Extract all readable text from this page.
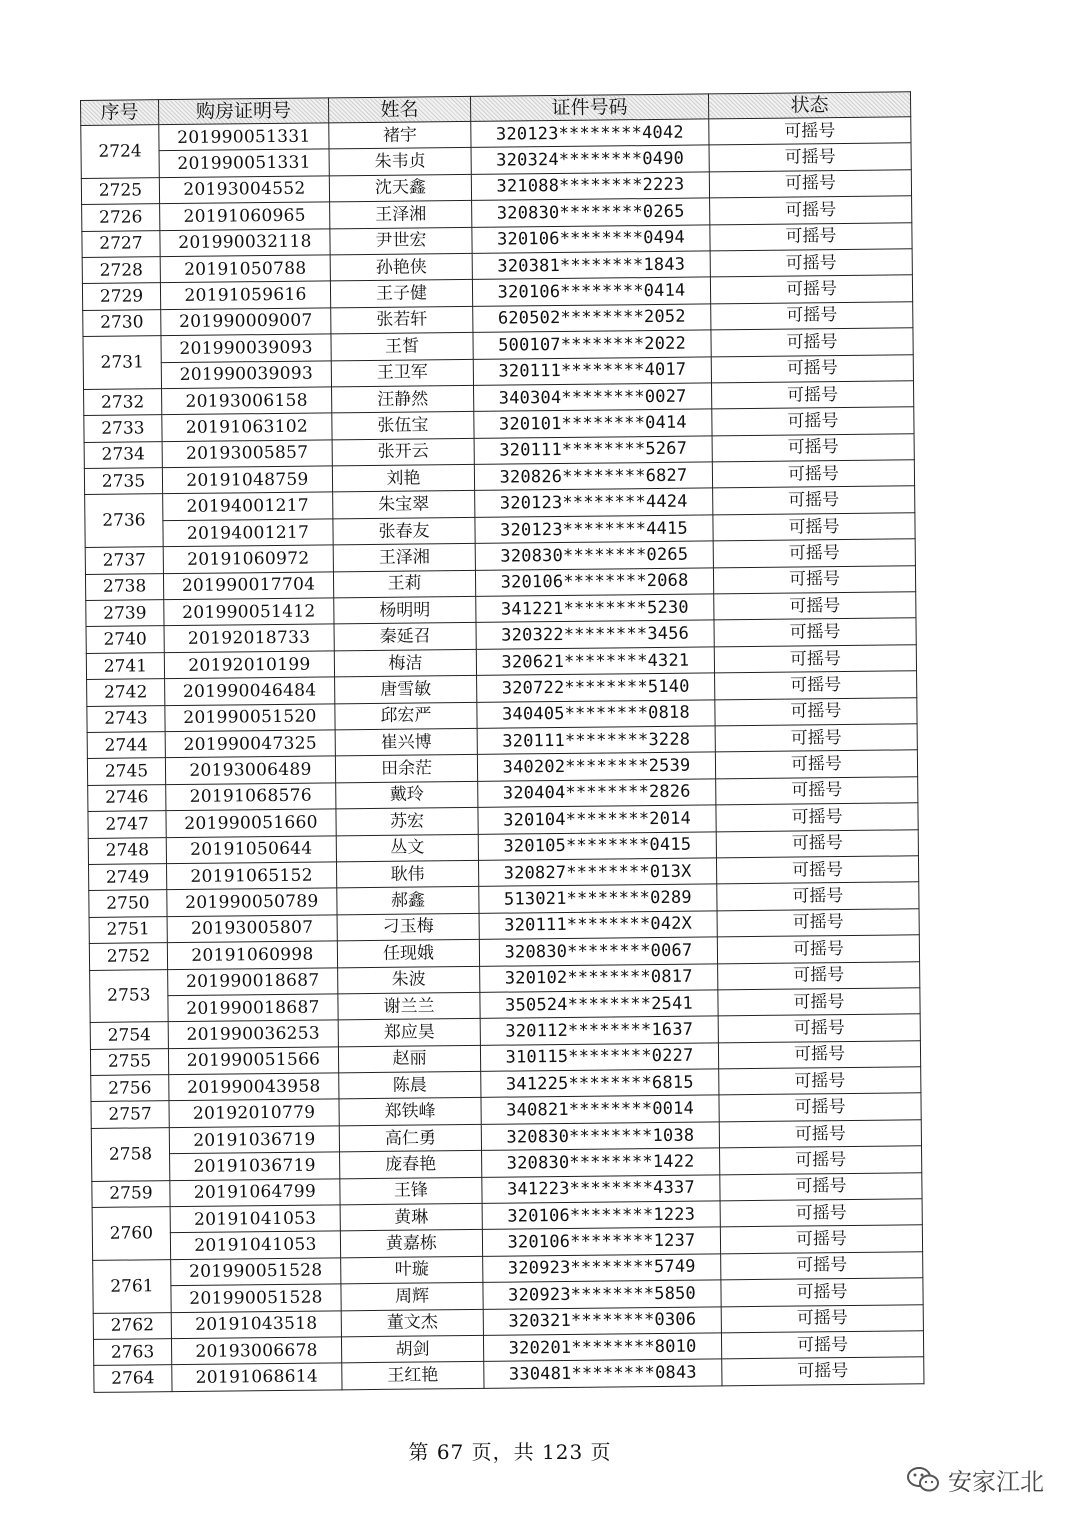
序号	购房证明号	姓名	证件号码	状态
2724	201990051331	褚宇	320123********4042	可摇号
	201990051331	朱韦贞	320324********0490	可摇号
2725	20193004552	沈天鑫	321088********2223	可摇号
2726	20191060965	王泽湘	320830********0265	可摇号
2727	201990032118	尹世宏	320106********0494	可摇号
2728	20191050788	孙艳侠	320381********1843	可摇号
2729	20191059616	王子健	320106********0414	可摇号
2730	201990009007	张若轩	620502********2052	可摇号
2731	201990039093	王皙	500107********2022	可摇号
	201990039093	王卫军	320111********4017	可摇号
2732	20193006158	汪静然	340304********0027	可摇号
2733	20191063102	张伍宝	320101********0414	可摇号
2734	20193005857	张开云	320111********5267	可摇号
2735	20191048759	刘艳	320826********6827	可摇号
2736	20194001217	朱宝翠	320123********4424	可摇号
	20194001217	张春友	320123********4415	可摇号
2737	20191060972	王泽湘	320830********0265	可摇号
2738	201990017704	王莉	320106********2068	可摇号
2739	201990051412	杨明明	341221********5230	可摇号
2740	20192018733	秦延召	320322********3456	可摇号
2741	20192010199	梅洁	320621********4321	可摇号
2742	201990046484	唐雪敏	320722********5140	可摇号
2743	201990051520	邱宏严	340405********0818	可摇号
2744	201990047325	崔兴博	320111********3228	可摇号
2745	20193006489	田余茫	340202********2539	可摇号
2746	20191068576	戴玲	320404********2826	可摇号
2747	201990051660	苏宏	320104********2014	可摇号
2748	20191050644	丛文	320105********0415	可摇号
2749	20191065152	耿伟	320827********013X	可摇号
2750	201990050789	郝鑫	513021********0289	可摇号
2751	20193005807	刁玉梅	320111********042X	可摇号
2752	20191060998	任现娥	320830********0067	可摇号
2753	201990018687	朱波	320102********0817	可摇号
	201990018687	谢兰兰	350524********2541	可摇号
2754	201990036253	郑应昊	320112********1637	可摇号
2755	201990051566	赵丽	310115********0227	可摇号
2756	201990043958	陈晨	341225********6815	可摇号
2757	20192010779	郑铁峰	340821********0014	可摇号
2758	20191036719	高仁勇	320830********1038	可摇号
	20191036719	庞春艳	320830********1422	可摇号
2759	20191064799	王锋	341223********4337	可摇号
2760	20191041053	黄琳	320106********1223	可摇号
	20191041053	黄嘉栋	320106********1237	可摇号
2761	201990051528	叶璇	320923********5749	可摇号
	201990051528	周辉	320923********5850	可摇号
2762	20191043518	董文杰	320321********0306	可摇号
2763	20193006678	胡剑	320201********8010	可摇号
2764	20191068614	王红艳	330481********0843	可摇号
第 67 页，共 123 页
安家江北
